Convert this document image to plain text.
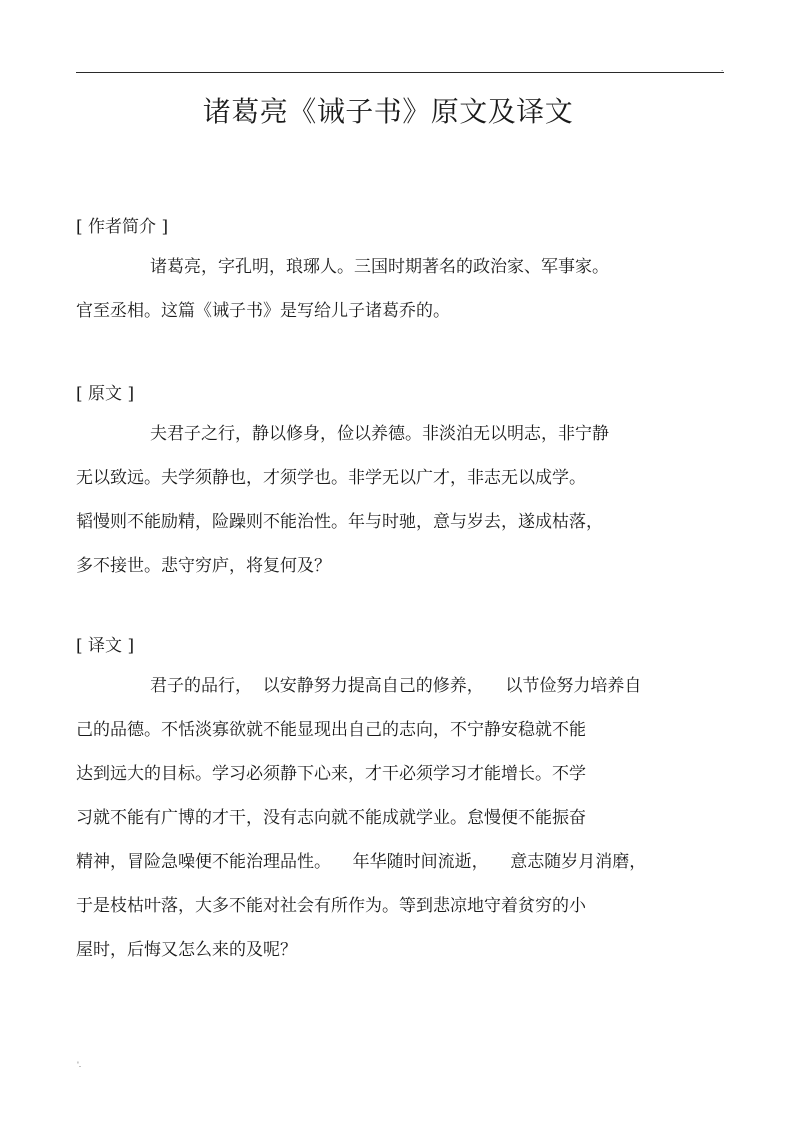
.
诸葛亮《诫子书》原文及译文
[ 作者简介 ]
诸葛亮，字孔明，琅琊人。三国时期著名的政治家、军事家。
官至丞相。这篇《诫子书》是写给儿子诸葛乔的。
[ 原文 ]
夫君子之行，静以修身，俭以养德。非淡泊无以明志，非宁静
无以致远。夫学须静也，才须学也。非学无以广才，非志无以成学。
韬慢则不能励精，险躁则不能治性。年与时驰，意与岁去，遂成枯落，
多不接世。悲守穷庐，将复何及？
[ 译文 ]
君子的品行，  以安静努力提高自己的修养，    以节俭努力培养自
己的品德。不恬淡寡欲就不能显现出自己的志向，不宁静安稳就不能
达到远大的目标。学习必须静下心来，才干必须学习才能增长。不学
习就不能有广博的才干，没有志向就不能成就学业。怠慢便不能振奋
精神，冒险急噪便不能治理品性。    年华随时间流逝，    意志随岁月消磨，
于是枝枯叶落，大多不能对社会有所作为。等到悲凉地守着贫穷的小
屋时，后悔又怎么来的及呢？
'.
